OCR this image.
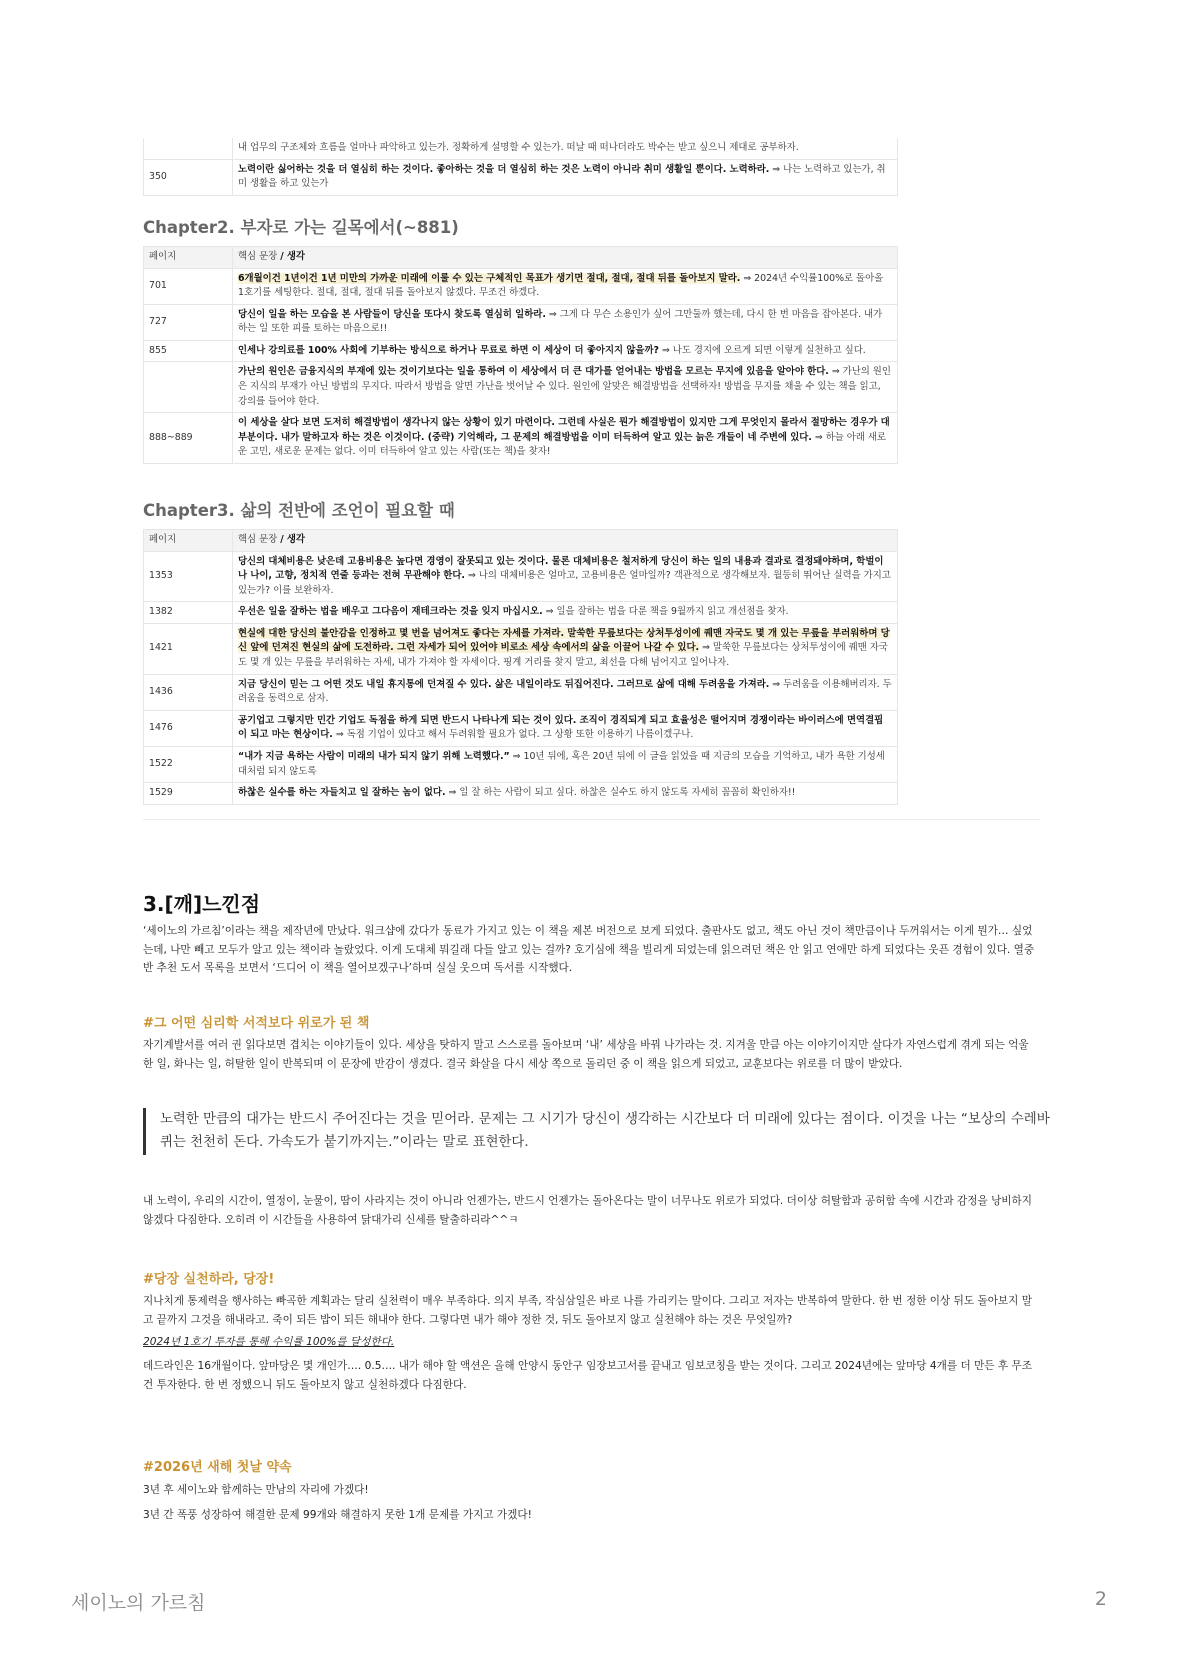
	내 업무의 구조체와 흐름을 얼마나 파악하고 있는가. 정확하게 설명할 수 있는가. 떠날 때 떠나더라도 박수는 받고 싶으니 제대로 공부하자.
350	노력이란 싫어하는 것을 더 열심히 하는 것이다. 좋아하는 것을 더 열심히 하는 것은 노력이 아니라 취미 생활일 뿐이다. 노력하라. ⇒ 나는 노력하고 있는가, 취미 생활을 하고 있는가
Chapter2. 부자로 가는 길목에서(~881)
페이지	핵심 문장 / 생각
701	6개월이건 1년이건 1년 미만의 가까운 미래에 이룰 수 있는 구체적인 목표가 생기면 절대, 절대, 절대 뒤를 돌아보지 말라. ⇒ 2024년 수익률100%로 돌아올 1호기를 세팅한다. 절대, 절대, 절대 뒤를 돌아보지 않겠다. 무조건 하겠다.
727	당신이 일을 하는 모습을 본 사람들이 당신을 또다시 찾도록 열심히 일하라. ⇒ 그게 다 무슨 소용인가 싶어 그만둘까 했는데, 다시 한 번 마음을 잡아본다. 내가 하는 일 또한 피를 토하는 마음으로!!
855	인세나 강의료를 100% 사회에 기부하는 방식으로 하거나 무료로 하면 이 세상이 더 좋아지지 않을까? ⇒ 나도 경지에 오르게 되면 이렇게 실천하고 싶다.
	가난의 원인은 금융지식의 부재에 있는 것이기보다는 일을 통하여 이 세상에서 더 큰 대가를 얻어내는 방법을 모르는 무지에 있음을 알아야 한다. ⇒ 가난의 원인은 지식의 부재가 아닌 방법의 무지다. 따라서 방법을 알면 가난을 벗어날 수 있다. 원인에 알맞은 해결방법을 선택하자! 방법을 무지를 채울 수 있는 책을 읽고, 강의를 들어야 한다.
888~889	이 세상을 살다 보면 도저히 해결방법이 생각나지 않는 상황이 있기 마련이다. 그런데 사실은 뭔가 해결방법이 있지만 그게 무엇인지 몰라서 절망하는 경우가 대부분이다. 내가 말하고자 하는 것은 이것이다. (중략) 기억해라, 그 문제의 해결방법을 이미 터득하여 알고 있는 늙은 개들이 네 주변에 있다. ⇒ 하늘 아래 새로운 고민, 새로운 문제는 없다. 이미 터득하여 알고 있는 사람(또는 책)을 찾자!
Chapter3. 삶의 전반에 조언이 필요할 때
페이지	핵심 문장 / 생각
1353	당신의 대체비용은 낮은데 고용비용은 높다면 경영이 잘못되고 있는 것이다. 물론 대체비용은 철저하게 당신이 하는 일의 내용과 결과로 결정돼야하며, 학벌이나 나이, 고향, 정치적 연줄 등과는 전혀 무관해야 한다. ⇒ 나의 대체비용은 얼마고, 고용비용은 얼마일까? 객관적으로 생각해보자. 월등히 뛰어난 실력을 가지고 있는가? 이를 보완하자.
1382	우선은 일을 잘하는 법을 배우고 그다음이 재테크라는 것을 잊지 마십시오. ⇒ 일을 잘하는 법을 다룬 책을 9월까지 읽고 개선점을 찾자.
1421	현실에 대한 당신의 불안감을 인정하고 몇 번을 넘어져도 좋다는 자세를 가져라. 말쑥한 무릎보다는 상처투성이에 퀘맨 자국도 몇 개 있는 무릎을 부러워하며 당신 앞에 던져진 현실의 삶에 도전하라. 그런 자세가 되어 있어야 비로소 세상 속에서의 삶을 이끌어 나갈 수 있다. ⇒ 말쑥한 무릎보다는 상처투성이에 퀘맨 자국도 몇 개 있는 무릎을 부러워하는 자세, 내가 가져야 할 자세이다. 핑계 거리를 찾지 말고, 최선을 다해 넘어지고 일어나자.
1436	지금 당신이 믿는 그 어떤 것도 내일 휴지통에 던져질 수 있다. 삶은 내일이라도 뒤집어진다. 그러므로 삶에 대해 두려움을 가져라. ⇒ 두려움을 이용해버리자. 두려움을 동력으로 삼자.
1476	공기업고 그렇지만 민간 기업도 독점을 하게 되면 반드시 나타나게 되는 것이 있다. 조직이 경직되게 되고 효율성은 떨어지며 경쟁이라는 바이러스에 면역결핍이 되고 마는 현상이다. ⇒ 독점 기업이 있다고 해서 두려워할 필요가 없다. 그 상황 또한 이용하기 나름이겠구나.
1522	“내가 지금 욕하는 사람이 미래의 내가 되지 않기 위해 노력했다.” ⇒ 10년 뒤에, 혹은 20년 뒤에 이 글을 읽었을 때 지금의 모습을 기억하고, 내가 욕한 기성세대처럼 되지 않도록
1529	하찮은 실수를 하는 자들치고 일 잘하는 놈이 없다. ⇒ 일 잘 하는 사람이 되고 싶다. 하찮은 실수도 하지 않도록 자세히 꼼꼼히 확인하자!!
3.[깨]느낀점
‘세이노의 가르침’이라는 책을 제작년에 만났다. 워크샵에 갔다가 동료가 가지고 있는 이 책을 제본 버전으로 보게 되었다. 출판사도 없고, 책도 아닌 것이 책만큼이나 두꺼워서는 이게 뭔가… 싶었는데, 나만 빼고 모두가 알고 있는 책이라 놀랐었다. 이게 도대체 뭐길래 다들 알고 있는 걸까? 호기심에 책을 빌리게 되었는데 읽으려던 책은 안 읽고 연애만 하게 되었다는 웃픈 경험이 있다. 열중반 추천 도서 목록을 보면서 ‘드디어 이 책을 열어보겠구나’하며 실실 웃으며 독서를 시작했다.
#그 어떤 심리학 서적보다 위로가 된 책
자기계발서를 여러 권 읽다보면 겹치는 이야기들이 있다. 세상을 탓하지 말고 스스로를 돌아보며 ‘내’ 세상을 바꿔 나가라는 것. 지겨울 만큼 아는 이야기이지만 살다가 자연스럽게 겪게 되는 억울한 일, 화나는 일, 허탈한 일이 반복되며 이 문장에 반감이 생겼다. 결국 화살을 다시 세상 쪽으로 돌리던 중 이 책을 읽으게 되었고, 교훈보다는 위로를 더 많이 받았다.
노력한 만큼의 대가는 반드시 주어진다는 것을 믿어라. 문제는 그 시기가 당신이 생각하는 시간보다 더 미래에 있다는 점이다. 이것을 나는 “보상의 수레바퀴는 천천히 돈다. 가속도가 붙기까지는.”이라는 말로 표현한다.
내 노력이, 우리의 시간이, 열정이, 눈물이, 땀이 사라지는 것이 아니라 언젠가는, 반드시 언젠가는 돌아온다는 말이 너무나도 위로가 되었다. 더이상 허탈함과 공허함 속에 시간과 감정을 낭비하지 않겠다 다짐한다. 오히려 이 시간들을 사용하여 닭대가리 신세를 탈출하리라^^ㅋ
#당장 실천하라, 당장!
지나치게 통제력을 행사하는 빠곡한 계획과는 달리 실천력이 매우 부족하다. 의지 부족, 작심삼일은 바로 나를 가리키는 말이다. 그리고 저자는 반복하여 말한다. 한 번 정한 이상 뒤도 돌아보지 말고 끝까지 그것을 해내라고. 죽이 되든 밥이 되든 해내야 한다. 그렇다면 내가 해야 정한 것, 뒤도 돌아보지 않고 실천해야 하는 것은 무엇일까?
2024년 1호기 투자를 통해 수익률 100%를 달성한다.
데드라인은 16개월이다. 앞마당은 몇 개인가…. 0.5…. 내가 해야 할 액션은 올해 안양시 동안구 임장보고서를 끝내고 임보코칭을 받는 것이다. 그리고 2024년에는 앞마당 4개를 더 만든 후 무조건 투자한다. 한 번 정했으니 뒤도 돌아보지 않고 실천하겠다 다짐한다.
#2026년 새해 첫날 약속
3년 후 세이노와 함께하는 만남의 자리에 가겠다!
3년 간 폭풍 성장하여 해결한 문제 99개와 해결하지 못한 1개 문제를 가지고 가겠다!
세이노의 가르침	2
